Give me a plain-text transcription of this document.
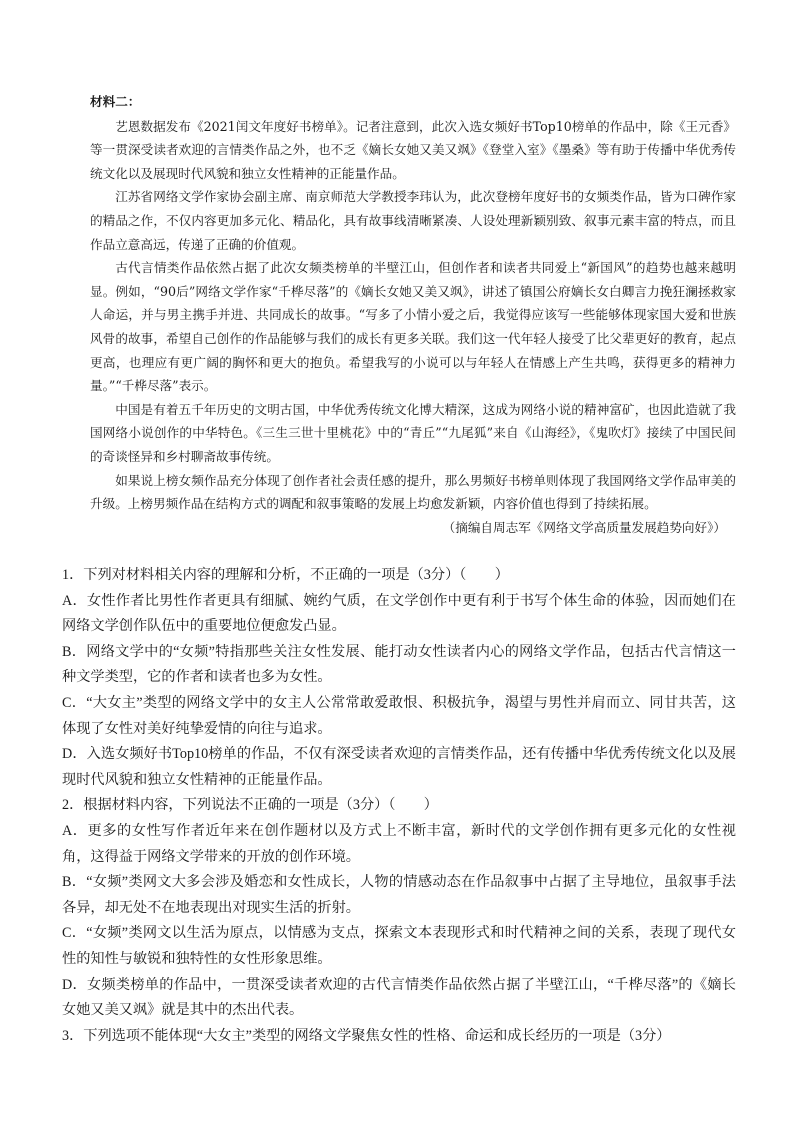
材料二：

艺恩数据发布《2021闰文年度好书榜单》。记者注意到，此次入选女频好书Top10榜单的作品中，除《王元香》等一贯深受读者欢迎的言情类作品之外，也不乏《嫡长女她又美又飒》《登堂入室》《墨桑》等有助于传播中华优秀传统文化以及展现时代风貌和独立女性精神的正能量作品。

江苏省网络文学作家协会副主席、南京师范大学教授李玮认为，此次登榜年度好书的女频类作品，皆为口碑作家的精品之作，不仅内容更加多元化、精品化，具有故事线清晰紧凑、人设处理新颖别致、叙事元素丰富的特点，而且作品立意高远，传递了正确的价值观。

古代言情类作品依然占据了此次女频类榜单的半壁江山，但创作者和读者共同爱上“新国风”的趋势也越来越明显。例如，“90后”网络文学作家“千桦尽落”的《嫡长女她又美又飒》，讲述了镇国公府嫡长女白卿言力挽狂澜拯救家人命运，并与男主携手并进、共同成长的故事。“写多了小情小爱之后，我觉得应该写一些能够体现家国大爱和世族风骨的故事，希望自己创作的作品能够与我们的成长有更多关联。我们这一代年轻人接受了比父辈更好的教育，起点更高，也理应有更广阔的胸怀和更大的抱负。希望我写的小说可以与年轻人在情感上产生共鸣，获得更多的精神力量。”“千桦尽落”表示。

中国是有着五千年历史的文明古国，中华优秀传统文化博大精深，这成为网络小说的精神富矿，也因此造就了我国网络小说创作的中华特色。《三生三世十里桃花》中的“青丘”“九尾狐”来自《山海经》，《鬼吹灯》接续了中国民间的奇谈怪异和乡村聊斋故事传统。

如果说上榜女频作品充分体现了创作者社会责任感的提升，那么男频好书榜单则体现了我国网络文学作品审美的升级。上榜男频作品在结构方式的调配和叙事策略的发展上均愈发新颖，内容价值也得到了持续拓展。

（摘编自周志军《网络文学高质量发展趋势向好》）

1．下列对材料相关内容的理解和分析，不正确的一项是（3分）（　　）

A．女性作者比男性作者更具有细腻、婉约气质，在文学创作中更有利于书写个体生命的体验，因而她们在网络文学创作队伍中的重要地位便愈发凸显。

B．网络文学中的“女频”特指那些关注女性发展、能打动女性读者内心的网络文学作品，包括古代言情这一种文学类型，它的作者和读者也多为女性。

C．“大女主”类型的网络文学中的女主人公常常敢爱敢恨、积极抗争，渴望与男性并肩而立、同甘共苦，这体现了女性对美好纯挚爱情的向往与追求。

D．入选女频好书Top10榜单的作品，不仅有深受读者欢迎的言情类作品，还有传播中华优秀传统文化以及展现时代风貌和独立女性精神的正能量作品。

2．根据材料内容，下列说法不正确的一项是（3分）（　　）

A．更多的女性写作者近年来在创作题材以及方式上不断丰富，新时代的文学创作拥有更多元化的女性视角，这得益于网络文学带来的开放的创作环境。

B．“女频”类网文大多会涉及婚恋和女性成长，人物的情感动态在作品叙事中占据了主导地位，虽叙事手法各异，却无处不在地表现出对现实生活的折射。

C．“女频”类网文以生活为原点，以情感为支点，探索文本表现形式和时代精神之间的关系，表现了现代女性的知性与敏锐和独特性的女性形象思维。

D．女频类榜单的作品中，一贯深受读者欢迎的古代言情类作品依然占据了半壁江山，“千桦尽落”的《嫡长女她又美又飒》就是其中的杰出代表。

3．下列选项不能体现“大女主”类型的网络文学聚焦女性的性格、命运和成长经历的一项是（3分）
